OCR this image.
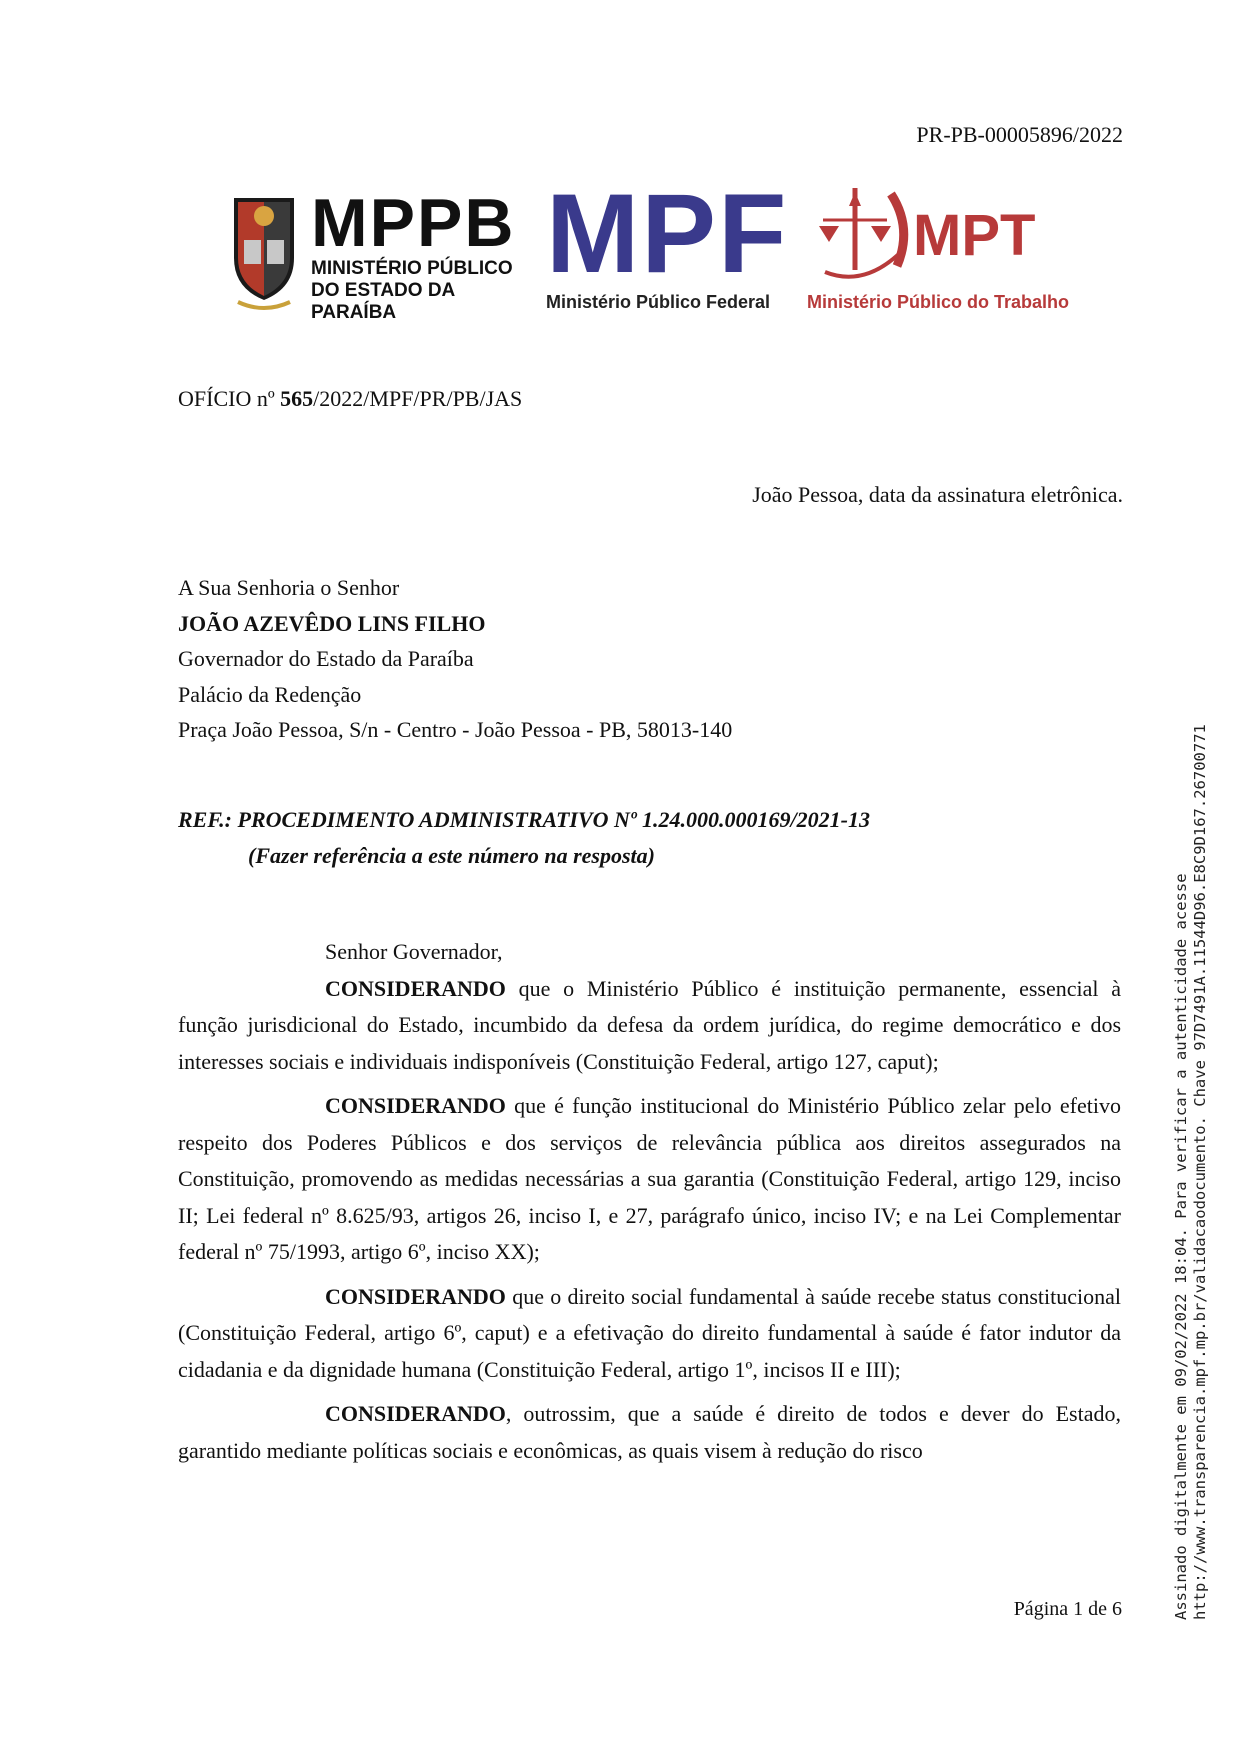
PR-PB-00005896/2022
MPPB
MINISTÉRIO PÚBLICO
DO ESTADO DA PARAÍBA
MPF
Ministério Público Federal
MPT
Ministério Público do Trabalho
OFÍCIO nº 565/2022/MPF/PR/PB/JAS
João Pessoa, data da assinatura eletrônica.
A Sua Senhoria o Senhor
JOÃO AZEVÊDO LINS FILHO
Governador do Estado da Paraíba
Palácio da Redenção
Praça João Pessoa, S/n - Centro - João Pessoa - PB, 58013-140
REF.: PROCEDIMENTO ADMINISTRATIVO Nº 1.24.000.000169/2021-13
(Fazer referência a este número na resposta)

Senhor Governador,

CONSIDERANDO que o Ministério Público é instituição permanente, essencial à função jurisdicional do Estado, incumbido da defesa da ordem jurídica, do regime democrático e dos interesses sociais e individuais indisponíveis (Constituição Federal, artigo 127, caput);

CONSIDERANDO que é função institucional do Ministério Público zelar pelo efetivo respeito dos Poderes Públicos e dos serviços de relevância pública aos direitos assegurados na Constituição, promovendo as medidas necessárias a sua garantia (Constituição Federal, artigo 129, inciso II; Lei federal nº 8.625/93, artigos 26, inciso I, e 27, parágrafo único, inciso IV; e na Lei Complementar federal nº 75/1993, artigo 6º, inciso XX);

CONSIDERANDO que o direito social fundamental à saúde recebe status constitucional (Constituição Federal, artigo 6º, caput) e a efetivação do direito fundamental à saúde é fator indutor da cidadania e da dignidade humana (Constituição Federal, artigo 1º, incisos II e III);

CONSIDERANDO, outrossim, que a saúde é direito de todos e dever do Estado, garantido mediante políticas sociais e econômicas, as quais visem à redução do risco	Assinado digitalmente em 09/02/2022 18:04. Para verificar a autenticidade acesse http://www.transparencia.mpf.mp.br/validacaodocumento. Chave 97D7491A.11544D96.E8C9D167.26700771
Página 1 de 6
